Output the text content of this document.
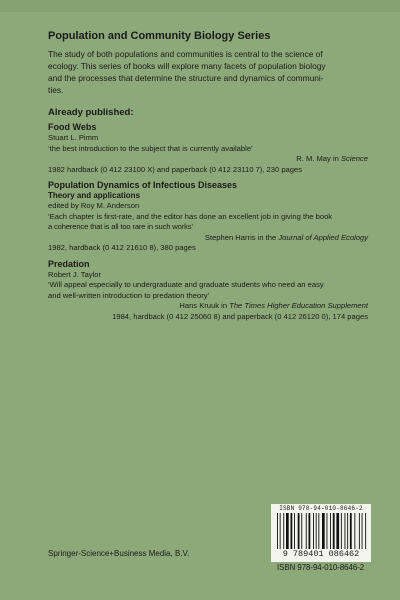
Population and Community Biology Series

The study of both populations and communities is central to the science of
ecology. This series of books will explore many facets of population biology
and the processes that determine the structure and dynamics of communi-
ties.

Already published:

Food Webs
Stuart L. Pimm
‘the best introduction to the subject that is currently available’
R. M. May in Science
1982 hardback (0 412 23100 X) and paperback (0 412 23110 7), 230 pages
Population Dynamics of Infectious Diseases
Theory and applications
edited by Roy M. Anderson
‘Each chapter is first-rate, and the editor has done an excellent job in giving the book
a coherence that is all too rare in such works’
Stephen Harris in the Journal of Applied Ecology
1982, hardback (0 412 21610 8), 380 pages
Predation
Robert J. Taylor
‘Will appeal especially to undergraduate and graduate students who need an easy
and well-written introduction to predation theory’
Hans Kruuk in The Times Higher Education Supplement
1984, hardback (0 412 25060 8) and paperback (0 412 26120 0), 174 pages
Springer-Science+Business Media, B.V.
ISBN 978-94-010-8646-2
9 789401 086462
ISBN 978-94-010-8646-2
